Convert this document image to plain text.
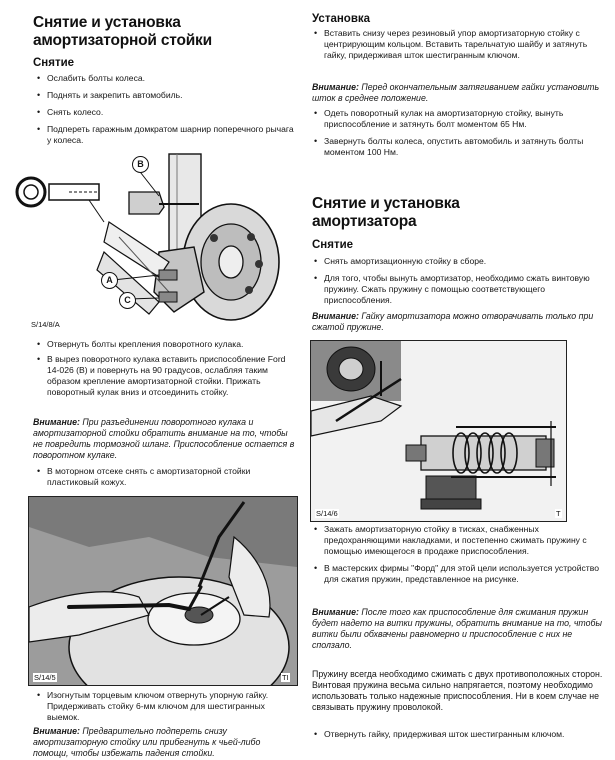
Снятие и установка
амортизаторной стойки
Снятие

• Ослабить болты колеса.

• Поднять и закрепить автомобиль.

• Снять колесо.

• Подпереть гаражным домкратом шарнир поперечного рычага у колеса.

B
A
C
S/14/8/A

• Отвернуть болты крепления поворотного кулака.

• В вырез поворотного кулака вставить приспособление Ford 14-026 (В) и повернуть на 90 градусов, ослабляя таким образом крепление амортизаторной стойки. Прижать поворотный кулак вниз и отсоединить стойку.

Внимание: При разъединении поворотного кулака и амортизаторной стойки обратить внимание на то, чтобы не повредить тормозной шланг. Приспособление остается в поворотном кулаке.

• В моторном отсеке снять с амортизаторной стойки пластиковый кожух.

S/14/5	TI

• Изогнутым торцевым ключом отвернуть упорную гайку. Придерживать стойку 6-мм ключом для шестигранных выемок.

Внимание: Предварительно подпереть снизу амортизаторную стойку или прибегнуть к чьей-либо помощи, чтобы избежать падения стойки.

Установка

• Вставить снизу через резиновый упор амортизаторную стойку с центрирующим кольцом. Вставить тарельчатую шайбу и затянуть гайку, придерживая шток шестигранным ключом.

Внимание: Перед окончательным затягиванием гайки установить шток в среднее положение.

• Одеть поворотный кулак на амортизаторную стойку, вынуть приспособление и затянуть болт моментом 65 Нм.

• Завернуть болты колеса, опустить автомобиль и затянуть болты моментом 100 Нм.

Снятие и установка
амортизатора
Снятие

• Снять амортизационную стойку в сборе.

• Для того, чтобы вынуть амортизатор, необходимо сжать винтовую пружину. Сжать пружину с помощью соответствующего приспособления.

Внимание: Гайку амортизатора можно отворачивать только при сжатой пружине.

S/14/6	T

• Зажать амортизаторную стойку в тисках, снабженных предохраняющими накладками, и постепенно сжимать пружину с помощью имеющегося в продаже приспособления.

• В мастерских фирмы "Форд" для этой цели используется устройство для сжатия пружин, представленное на рисунке.

Внимание: После того как приспособление для сжимания пружин будет надето на витки пружины, обратить внимание на то, чтобы витки были обхвачены равномерно и приспособление с них не сползало.

Пружину всегда необходимо сжимать с двух противоположных сторон. Винтовая пружина весьма сильно напрягается, поэтому необходимо использовать только надежные приспособления. Ни в коем случае не связывать пружину проволокой.

• Отвернуть гайку, придерживая шток шестигранным ключом.
